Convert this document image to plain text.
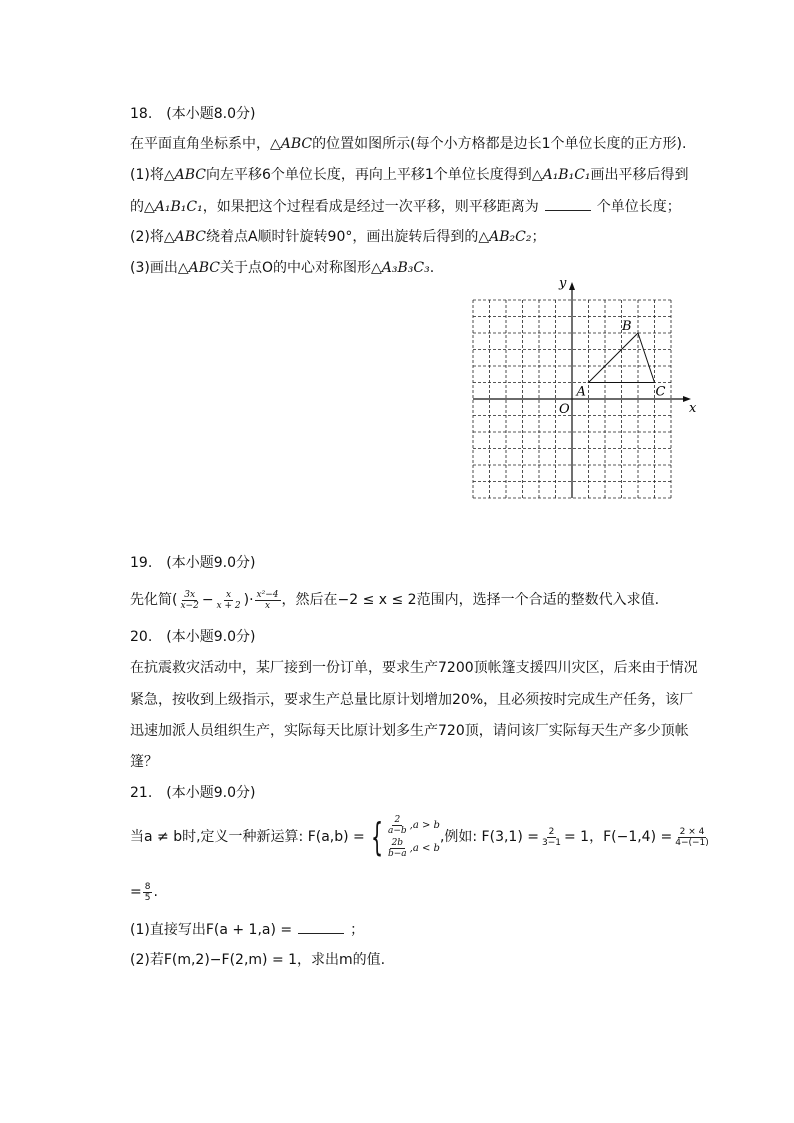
18.　(本小题8.0分)
在平面直角坐标系中，△ABC的位置如图所示(每个小方格都是边长1个单位长度的正方形).
(1)将△ABC向左平移6个单位长度，再向上平移1个单位长度得到△A₁B₁C₁画出平移后得到
的△A₁B₁C₁，如果把这个过程看成是经过一次平移，则平移距离为	个单位长度；
(2)将△ABC绕着点A顺时针旋转90°，画出旋转后得到的△AB₂C₂；
(3)画出△ABC关于点O的中心对称图形△A₃B₃C₃.
y
x
O
A
B
C
19.　(本小题9.0分)
先化简( $\frac{3x}{x-2} - \frac{x}{x + 2}$ )· $\frac{\text{x²−4}}{x}$ ，然后在−2 ≤ x ≤ 2范围内，选择一个合适的整数代入求值.
20.　(本小题9.0分)
在抗震救灾活动中，某厂接到一份订单，要求生产7200顶帐篷支援四川灾区，后来由于情况
紧急，按收到上级指示，要求生产总量比原计划增加20%，且必须按时完成生产任务，该厂
迅速加派人员组织生产，实际每天比原计划多生产720顶，请问该厂实际每天生产多少顶帐
篷？
21.　(本小题9.0分)
当a ≠ b时,定义一种新运算: F(a,b) = { $\frac{2}{a-b} ,a > b$
$\frac{2b}{b-a} ,a < b$
,例如: $F(3,1) = \frac{2}{3-1} = 1$，$F(-1,4) = \frac{2 \times 4}{4-(-1)}$
= $\frac{8}{5}$ .
(1)直接写出F(a + 1,a) =	；
(2)若F(m,2)−F(2,m) = 1，求出m的值.
